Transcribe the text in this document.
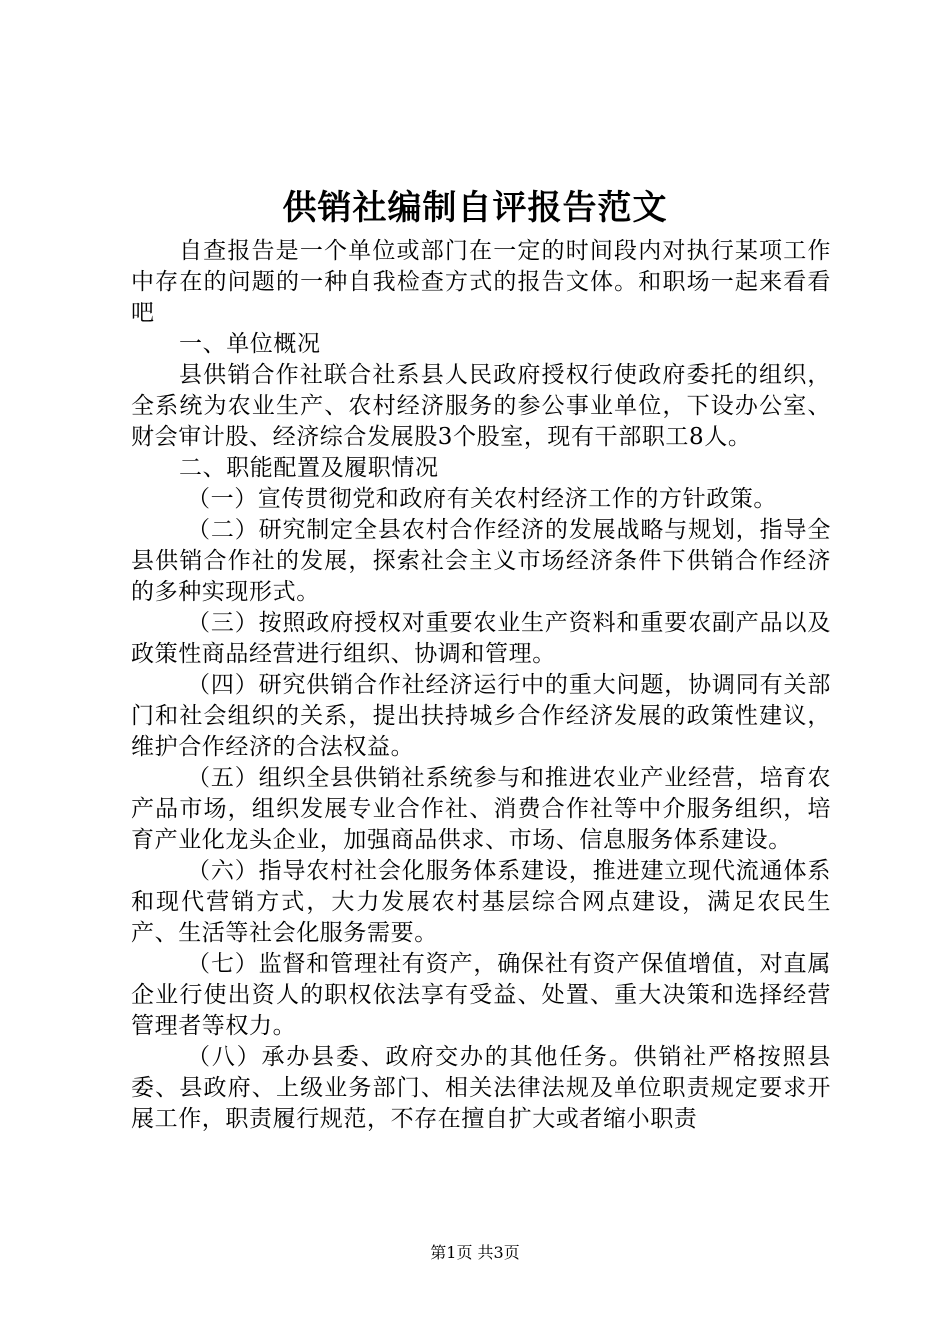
供销社编制自评报告范文

自查报告是一个单位或部门在一定的时间段内对执行某项工作中存在的问题的一种自我检查方式的报告文体。和职场一起来看看吧

一、单位概况

县供销合作社联合社系县人民政府授权行使政府委托的组织，全系统为农业生产、农村经济服务的参公事业单位，下设办公室、财会审计股、经济综合发展股3个股室，现有干部职工8人。

二、职能配置及履职情况

（一）宣传贯彻党和政府有关农村经济工作的方针政策。

（二）研究制定全县农村合作经济的发展战略与规划，指导全县供销合作社的发展，探索社会主义市场经济条件下供销合作经济的多种实现形式。

（三）按照政府授权对重要农业生产资料和重要农副产品以及政策性商品经营进行组织、协调和管理。

（四）研究供销合作社经济运行中的重大问题，协调同有关部门和社会组织的关系，提出扶持城乡合作经济发展的政策性建议，维护合作经济的合法权益。

（五）组织全县供销社系统参与和推进农业产业经营，培育农产品市场，组织发展专业合作社、消费合作社等中介服务组织，培育产业化龙头企业，加强商品供求、市场、信息服务体系建设。

（六）指导农村社会化服务体系建设，推进建立现代流通体系和现代营销方式，大力发展农村基层综合网点建设，满足农民生产、生活等社会化服务需要。

（七）监督和管理社有资产，确保社有资产保值增值，对直属企业行使出资人的职权依法享有受益、处置、重大决策和选择经营管理者等权力。

（八）承办县委、政府交办的其他任务。供销社严格按照县委、县政府、上级业务部门、相关法律法规及单位职责规定要求开展工作，职责履行规范，不存在擅自扩大或者缩小职责

第1页 共3页
